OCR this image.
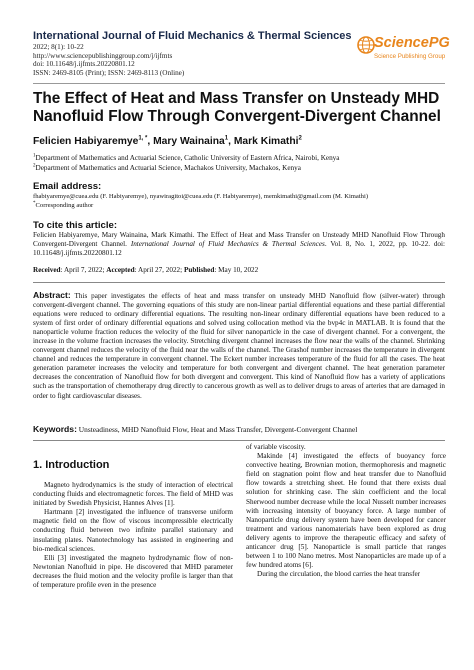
International Journal of Fluid Mechanics & Thermal Sciences
2022; 8(1): 10-22
http://www.sciencepublishinggroup.com/j/ijfmts
doi: 10.11648/j.ijfmts.20220801.12
ISSN: 2469-8105 (Print); ISSN: 2469-8113 (Online)
SciencePG
Science Publishing Group
The Effect of Heat and Mass Transfer on Unsteady MHD Nanofluid Flow Through Convergent-Divergent Channel
Felicien Habiyaremye$^{1, *}$, Mary Wainaina$^1$, Mark Kimathi$^2$
$^1$Department of Mathematics and Actuarial Science, Catholic University of Eastern Africa, Nairobi, Kenya
$^2$Department of Mathematics and Actuarial Science, Machakos University, Machakos, Kenya
Email address:
fhabiyaremye@cuea.edu (F. Habiyaremye), nyawiragitoi@cuea.edu (F. Habiyaremye), memkimathi@gmail.com (M. Kimathi)
*Corresponding author
To cite this article:
Felicien Habiyaremye, Mary Wainaina, Mark Kimathi. The Effect of Heat and Mass Transfer on Unsteady MHD Nanofluid Flow Through Convergent-Divergent Channel. International Journal of Fluid Mechanics & Thermal Sciences. Vol. 8, No. 1, 2022, pp. 10-22. doi: 10.11648/j.ijfmts.20220801.12
Received: April 7, 2022; Accepted: April 27, 2022; Published: May 10, 2022
Abstract: This paper investigates the effects of heat and mass transfer on unsteady MHD Nanofluid flow (silver-water) through convergent-divergent channel. The governing equations of this study are non-linear partial differential equations and these partial differential equations were reduced to ordinary differential equations. The resulting non-linear ordinary differential equations have been reduced to a system of first order of ordinary differential equations and solved using collocation method via the bvp4c in MATLAB. It is found that the nanoparticle volume fraction reduces the velocity of the fluid for silver nanoparticle in the case of divergent channel. For a convergent, the increase in the volume fraction increases the velocity. Stretching divergent channel increases the flow near the walls of the channel. Shrinking convergent channel reduces the velocity of the fluid near the walls of the channel. The Grashof number increases the temperature in divergent channel and reduces the temperature in convergent channel. The Eckert number increases temperature of the fluid for all the cases. The heat generation parameter increases the velocity and temperature for both convergent and divergent channel. The heat generation parameter decreases the concentration of Nanofluid flow for both divergent and convergent. This kind of Nanofluid flow has a variety of applications such as the transportation of chemotherapy drug directly to cancerous growth as well as to deliver drugs to areas of arteries that are damaged in order to fight cardiovascular diseases.
Keywords: Unsteadiness, MHD Nanofluid Flow, Heat and Mass Transfer, Divergent-Convergent Channel
1. Introduction

Magneto hydrodynamics is the study of interaction of electrical conducting fluids and electromagnetic forces. The field of MHD was initiated by Swedish Physicist, Hannes Alves [1].

Hartmann [2] investigated the influence of transverse uniform magnetic field on the flow of viscous incompressible electrically conducting fluid between two infinite parallel stationary and insulating plates. Nanotechnology has assisted in engineering and bio-medical sciences.

Elli [3] investigated the magneto hydrodynamic flow of non-Newtonian Nanofluid in pipe. He discovered that MHD parameter decreases the fluid motion and the velocity profile is larger than that of temperature profile even in the presence

of variable viscosity.

Makinde [4] investigated the effects of buoyancy force convective heating, Brownian motion, thermophoresis and magnetic field on stagnation point flow and heat transfer due to Nanofluid flow towards a stretching sheet. He found that there exists dual solution for shrinking case. The skin coefficient and the local Sherwood number decrease while the local Nusselt number increases with increasing intensity of buoyancy force. A large number of Nanoparticle drug delivery system have been developed for cancer treatment and various nanomaterials have been explored as drug delivery agents to improve the therapeutic efficacy and safety of anticancer drug [5]. Nanoparticle is small particle that ranges between 1 to 100 Nano metres. Most Nanoparticles are made up of a few hundred atoms [6].

During the circulation, the blood carries the heat transfer
